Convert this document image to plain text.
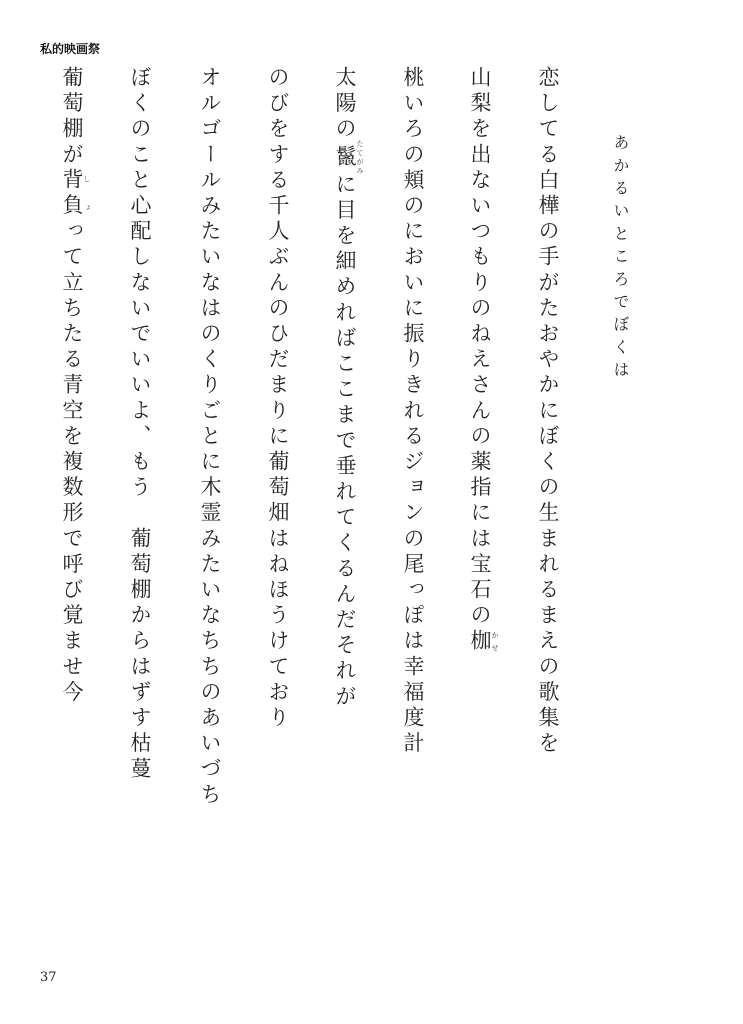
私的映画祭
あかるいところでぼくは
恋してる白樺の手がたおやかにぼくの生まれるまえの歌集を
山梨を出ないつもりのねえさんの薬指には宝石の枷 かせ
桃いろの頬のにおいに振りきれるジョンの尾っぽは幸福度計
太陽の鬣 たてがみに目を細めればここまで垂れてくるんだそれが
のびをする千人ぶんのひだまりに葡萄畑はねほうけており
オルゴールみたいなはのくりごとに木霊みたいなちちのあいづち
ぼくのこと心配しないでいいよ、もう　葡萄棚からはずす枯蔓
葡萄棚が背負 しょって立ちたる青空を複数形で呼び覚ませ今
37
